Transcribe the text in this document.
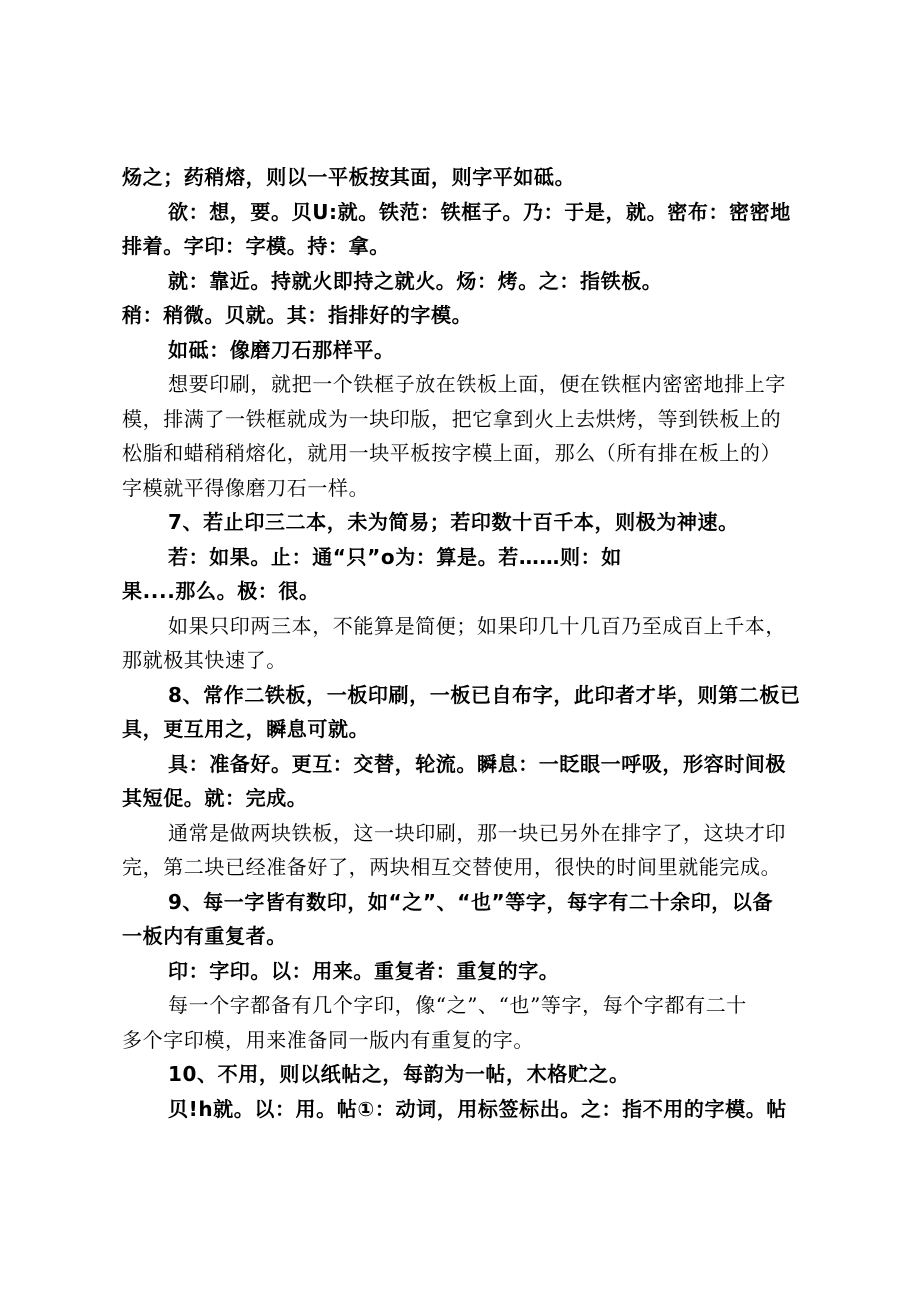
炀之；药稍熔，则以一平板按其面，则字平如砥。

欲：想，要。贝U:就。铁范：铁框子。乃：于是，就。密布：密密地

排着。字印：字模。持：拿。

就：靠近。持就火即持之就火。炀：烤。之：指铁板。

稍：稍微。贝就。其：指排好的字模。

如砥：像磨刀石那样平。

想要印刷，就把一个铁框子放在铁板上面，便在铁框内密密地排上字

模，排满了一铁框就成为一块印版，把它拿到火上去烘烤，等到铁板上的

松脂和蜡稍稍熔化，就用一块平板按字模上面，那么（所有排在板上的）

字模就平得像磨刀石一样。

7、若止印三二本，未为简易；若印数十百千本，则极为神速。

若：如果。止：通“只”o为：算是。若……则：如

果....那么。极：很。

如果只印两三本，不能算是简便；如果印几十几百乃至成百上千本，

那就极其快速了。

8、常作二铁板，一板印刷，一板已自布字，此印者才毕，则第二板已

具，更互用之，瞬息可就。

具：准备好。更互：交替，轮流。瞬息：一眨眼一呼吸，形容时间极

其短促。就：完成。

通常是做两块铁板，这一块印刷，那一块已另外在排字了，这块才印

完，第二块已经准备好了，两块相互交替使用，很快的时间里就能完成。

9、每一字皆有数印，如“之”、“也”等字，每字有二十余印，以备

一板内有重复者。

印：字印。以：用来。重复者：重复的字。

每一个字都备有几个字印，像“之”、“也”等字，每个字都有二十

多个字印模，用来准备同一版内有重复的字。

10、不用，则以纸帖之，每韵为一帖，木格贮之。

贝!h就。以：用。帖①：动词，用标签标出。之：指不用的字模。帖
